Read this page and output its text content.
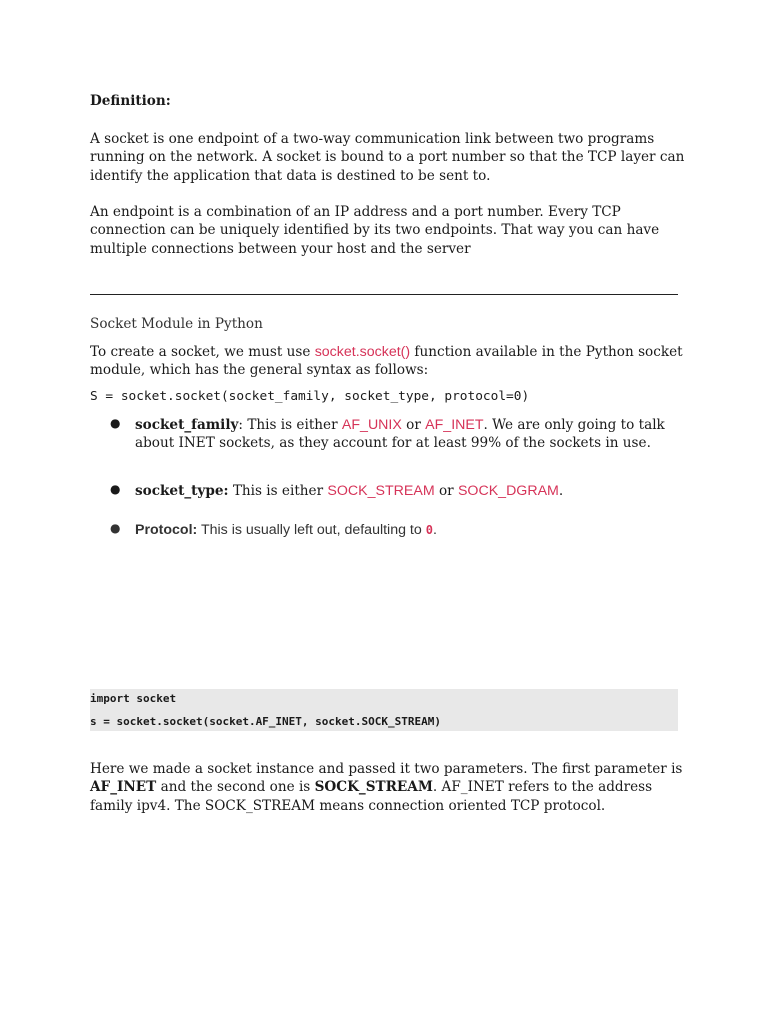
Definition:

A socket is one endpoint of a two-way communication link between two programs running on the network. A socket is bound to a port number so that the TCP layer can identify the application that data is destined to be sent to.

An endpoint is a combination of an IP address and a port number. Every TCP connection can be uniquely identified by its two endpoints. That way you can have multiple connections between your host and the server

Socket Module in Python

To create a socket, we must use socket.socket() function available in the Python socket module, which has the general syntax as follows:

S = socket.socket(socket_family, socket_type, protocol=0)
● socket_family: This is either AF_UNIX or AF_INET. We are only going to talk about INET sockets, as they account for at least 99% of the sockets in use.
● socket_type: This is either SOCK_STREAM or SOCK_DGRAM.
● Protocol: This is usually left out, defaulting to 0.
import socket
s = socket.socket(socket.AF_INET, socket.SOCK_STREAM)

Here we made a socket instance and passed it two parameters. The first parameter is AF_INET and the second one is SOCK_STREAM. AF_INET refers to the address family ipv4. The SOCK_STREAM means connection oriented TCP protocol.
